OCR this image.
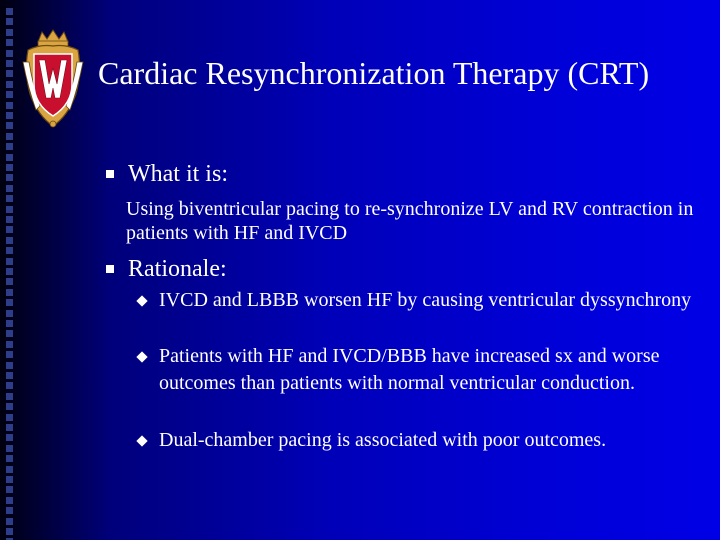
Cardiac Resynchronization Therapy (CRT)
What it is:
Using biventricular pacing to re-synchronize LV and RV contraction in patients with HF and IVCD
Rationale:
IVCD and LBBB worsen HF by causing ventricular dyssynchrony
Patients with HF and IVCD/BBB have increased sx and worse outcomes than patients with normal ventricular conduction.
Dual-chamber pacing is associated with poor outcomes.
